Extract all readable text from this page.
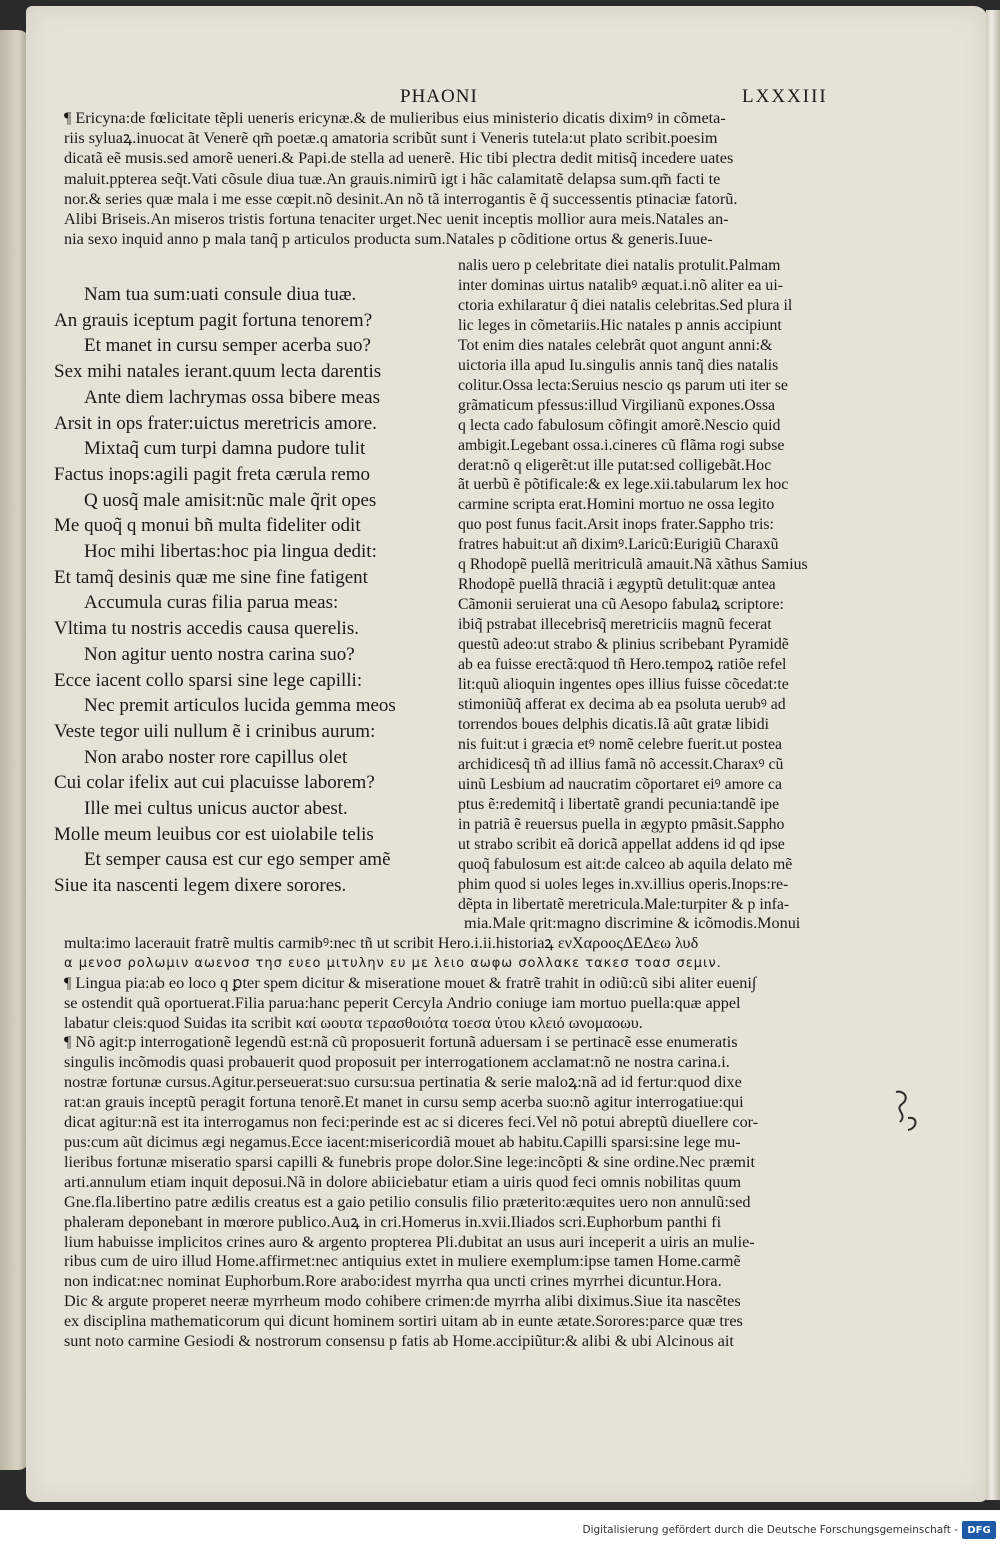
PHAONI	LXXXIII
¶ Ericyna:de fœlicitate tẽpli ueneris ericynæ.& de mulieribus eius ministerio dicatis diximꝰ in cõmeta-
riis syluaꝝ.inuocat ãt Venerẽ qm̃ poetæ.q amatoria scribũt sunt i Veneris tutela:ut plato scribit.poesim
dicatã eẽ musis.sed amorẽ ueneri.& Papi.de stella ad uenerẽ. Hic tibi plectra dedit mitisq̃ incedere uates
maluit.ppterea seq̃t.Vati cõsule diua tuæ.An grauis.nimirũ igt i hãc calamitatẽ delapsa sum.qm̃ facti te
nor.& series quæ mala i me esse cœpit.nõ desinit.An nõ tã interrogantis ẽ q̃ successentis ptinaciæ fatorũ.
Alibi Briseis.An miseros tristis fortuna tenaciter urget.Nec uenit inceptis mollior aura meis.Natales an-
nia sexo inquid anno p mala tanq̃ p articulos producta sum.Natales p cõditione ortus & generis.Iuue-
Nam tua sum:uati consule diua tuæ.
An grauis iceptum pagit fortuna tenorem?
Et manet in cursu semper acerba suo?
Sex mihi natales ierant.quum lecta darentis
Ante diem lachrymas ossa bibere meas
Arsit in ops frater:uictus meretricis amore.
Mixtaq̃ cum turpi damna pudore tulit
Factus inops:agili pagit freta cærula remo
Q uosq̃ male amisit:nũc male q̃rit opes
Me quoq̃ q monui bñ multa fideliter odit
Hoc mihi libertas:hoc pia lingua dedit:
Et tamq̃ desinis quæ me sine fine fatigent
Accumula curas filia parua meas:
Vltima tu nostris accedis causa querelis.
Non agitur uento nostra carina suo?
Ecce iacent collo sparsi sine lege capilli:
Nec premit articulos lucida gemma meos
Veste tegor uili nullum ẽ i crinibus aurum:
Non arabo noster rore capillus olet
Cui colar ifelix aut cui placuisse laborem?
Ille mei cultus unicus auctor abest.
Molle meum leuibus cor est uiolabile telis
Et semper causa est cur ego semper amẽ
Siue ita nascenti legem dixere sorores.
nalis uero p celebritate diei natalis protulit.Palmam
inter dominas uirtus natalibꝰ æquat.i.nõ aliter ea ui-
ctoria exhilaratur q̃ diei natalis celebritas.Sed plura il
lic leges in cõmetariis.Hic natales p annis accipiunt
Tot enim dies natales celebrãt quot angunt anni:&
uictoria illa apud Iu.singulis annis tanq̃ dies natalis
colitur.Ossa lecta:Seruius nescio qs parum uti iter se
grãmaticum pfessus:illud Virgilianũ expones.Ossa
q lecta cado fabulosum cõfingit amorẽ.Nescio quid
ambigit.Legebant ossa.i.cineres cũ flãma rogi subse
derat:nõ q eligerẽt:ut ille putat:sed colligebãt.Hoc
ãt uerbũ ẽ põtificale:& ex lege.xii.tabularum lex hoc
carmine scripta erat.Homini mortuo ne ossa legito
quo post funus facit.Arsit inops frater.Sappho tris:
fratres habuit:ut añ diximꝰ.Laricũ:Eurigiũ Charaxũ
q Rhodopẽ puellã meritriculã amauit.Nã xãthus Samius
Rhodopẽ puellã thraciã i ægyptũ detulit:quæ antea
Cãmonii seruierat una cũ Aesopo fabulaꝝ scriptore:
ibiq̃ pstrabat illecebrisq̃ meretriciis magnũ fecerat
questũ adeo:ut strabo & plinius scribebant Pyramidẽ
ab ea fuisse erectã:quod tñ Hero.tempoꝝ ratiõe refel
lit:quũ alioquin ingentes opes illius fuisse cõcedat:te
stimoniũq̃ afferat ex decima ab ea psoluta uerubꝰ ad
torrendos boues delphis dicatis.Iã aũt gratæ libidi
nis fuit:ut i græcia etꝰ nomẽ celebre fuerit.ut postea
archidicesq̃ tñ ad illius famã nõ accessit.Charaxꝰ cũ
uinũ Lesbium ad naucratim cõportaret eiꝰ amore ca
ptus ẽ:redemitq̃ i libertatẽ grandi pecunia:tandẽ ipe
in patriã ẽ reuersus puella in ægypto pmãsit.Sappho
ut strabo scribit eã doricã appellat addens id qd ipse
quoq̃ fabulosum est ait:de calceo ab aquila delato mẽ
phim quod si uoles leges in.xv.illius operis.Inops:re-
dẽpta in libertatẽ meretricula.Male:turpiter & p infa-
mia.Male qrit:magno discrimine & icõmodis.Monui
multa:imo lacerauit fratrẽ multis carmibꝰ:nec tñ ut scribit Hero.i.ii.historiaꝝ ενΧαροοςΔΕΔεω λυδ
α μενοσ ρολωμιν αωενοσ τησ ευεο μιτυλην ευ με λειο αωφω σολλακε τακεσ τοασ σεμιν.
¶ Lingua pia:ab eo loco q ꝑter spem dicitur & miseratione mouet & fratrẽ trahit in odiũ:cũ sibi aliter eueni∫
se ostendit quã oportuerat.Filia parua:hanc peperit Cercyla Andrio coniuge iam mortuo puella:quæ appel
labatur cleis:quod Suidas ita scribit καί ωουτα τερασθοιότα τοεσα ὑτου κλειό ωνομαοωυ.
¶ Nõ agit:p interrogationẽ legendũ est:nã cũ proposuerit fortunã aduersam i se pertinacẽ esse enumeratis
singulis incõmodis quasi probauerit quod proposuit per interrogationem acclamat:nõ ne nostra carina.i.
nostræ fortunæ cursus.Agitur.perseuerat:suo cursu:sua pertinatia & serie maloꝝ:nã ad id fertur:quod dixe
rat:an grauis inceptũ peragit fortuna tenorẽ.Et manet in cursu semp acerba suo:nõ agitur interrogatiue:qui
dicat agitur:nã est ita interrogamus non feci:perinde est ac si diceres feci.Vel nõ potui abreptũ diuellere cor-
pus:cum aũt dicimus ægi negamus.Ecce iacent:misericordiã mouet ab habitu.Capilli sparsi:sine lege mu-
lieribus fortunæ miseratio sparsi capilli & funebris prope dolor.Sine lege:incõpti & sine ordine.Nec præmit
arti.annulum etiam inquit deposui.Nã in dolore abiiciebatur etiam a uiris quod feci omnis nobilitas quum
Gne.fla.libertino patre ædilis creatus est a gaio petilio consulis filio præterito:æquites uero non annulũ:sed
phaleram deponebant in mœrore publico.Auꝝ in cri.Homerus in.xvii.Iliados scri.Euphorbum panthi fi
lium habuisse implicitos crines auro & argento propterea Pli.dubitat an usus auri inceperit a uiris an mulie-
ribus cum de uiro illud Home.affirmet:nec antiquius extet in muliere exemplum:ipse tamen Home.carmẽ
non indicat:nec nominat Euphorbum.Rore arabo:idest myrrha qua uncti crines myrrhei dicuntur.Hora.
Dic & argute properet neeræ myrrheum modo cohibere crimen:de myrrha alibi diximus.Siue ita nascẽtes
ex disciplina mathematicorum qui dicunt hominem sortiri uitam ab in eunte ætate.Sorores:parce quæ tres
sunt noto carmine Gesiodi & nostrorum consensu p fatis ab Home.accipiũtur:& alibi & ubi Alcinous ait
Digitalisierung gefördert durch die Deutsche Forschungsgemeinschaft - DFG
